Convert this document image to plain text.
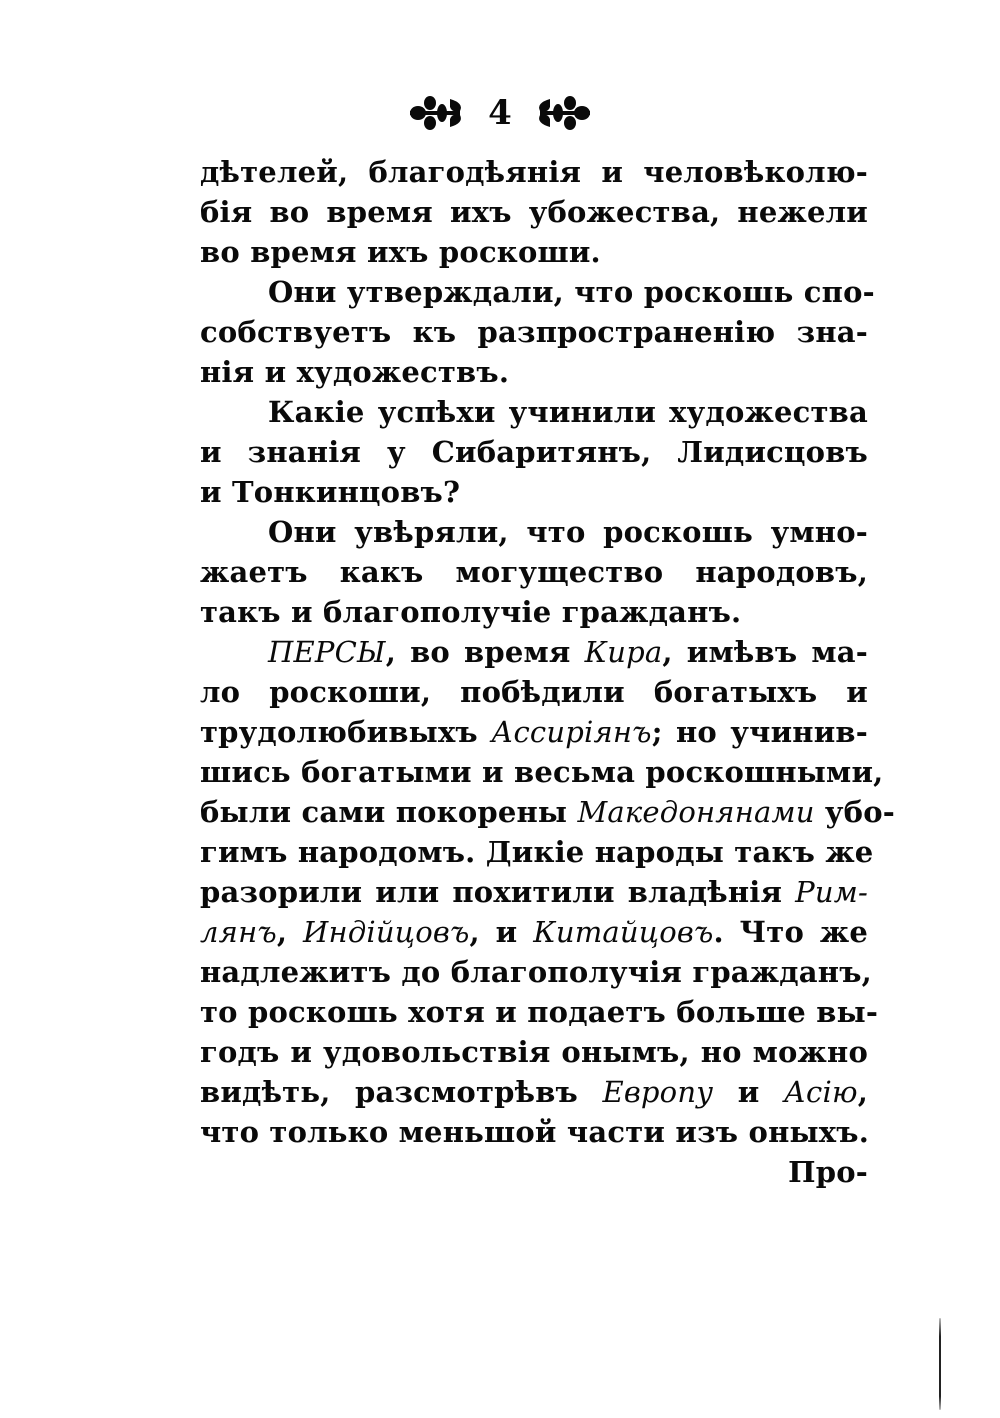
4
дѣтелей, благодѣянія и человѣколю-
бія во время ихъ убожества, нежели
во время ихъ роскоши.
Они утверждали, что роскошь спо-
собствуетъ къ разпространенію зна-
нія и художествъ.
Какіе успѣхи учинили художества
и знанія у Сибаритянъ, Лидисцовъ
и Тонкинцовъ?
Они увѣряли, что роскошь умно-
жаетъ какъ могущество народовъ,
такъ и благополучіе гражданъ.
ПЕРСЫ, во время Кира, имѣвъ ма-
ло роскоши, побѣдили богатыхъ и
трудолюбивыхъ Ассиріянъ; но учинив-
шись богатыми и весьма роскошными,
были сами покорены Македонянами убо-
гимъ народомъ. Дикіе народы такъ же
разорили или похитили владѣнія Рим-
лянъ, Индійцовъ, и Китайцовъ. Что же
надлежитъ до благополучія гражданъ,
то роскошь хотя и подаетъ больше вы-
годъ и удовольствія онымъ, но можно
видѣть, разсмотрѣвъ Европу и Асію,
что только меньшой части изъ оныхъ.
Про-
